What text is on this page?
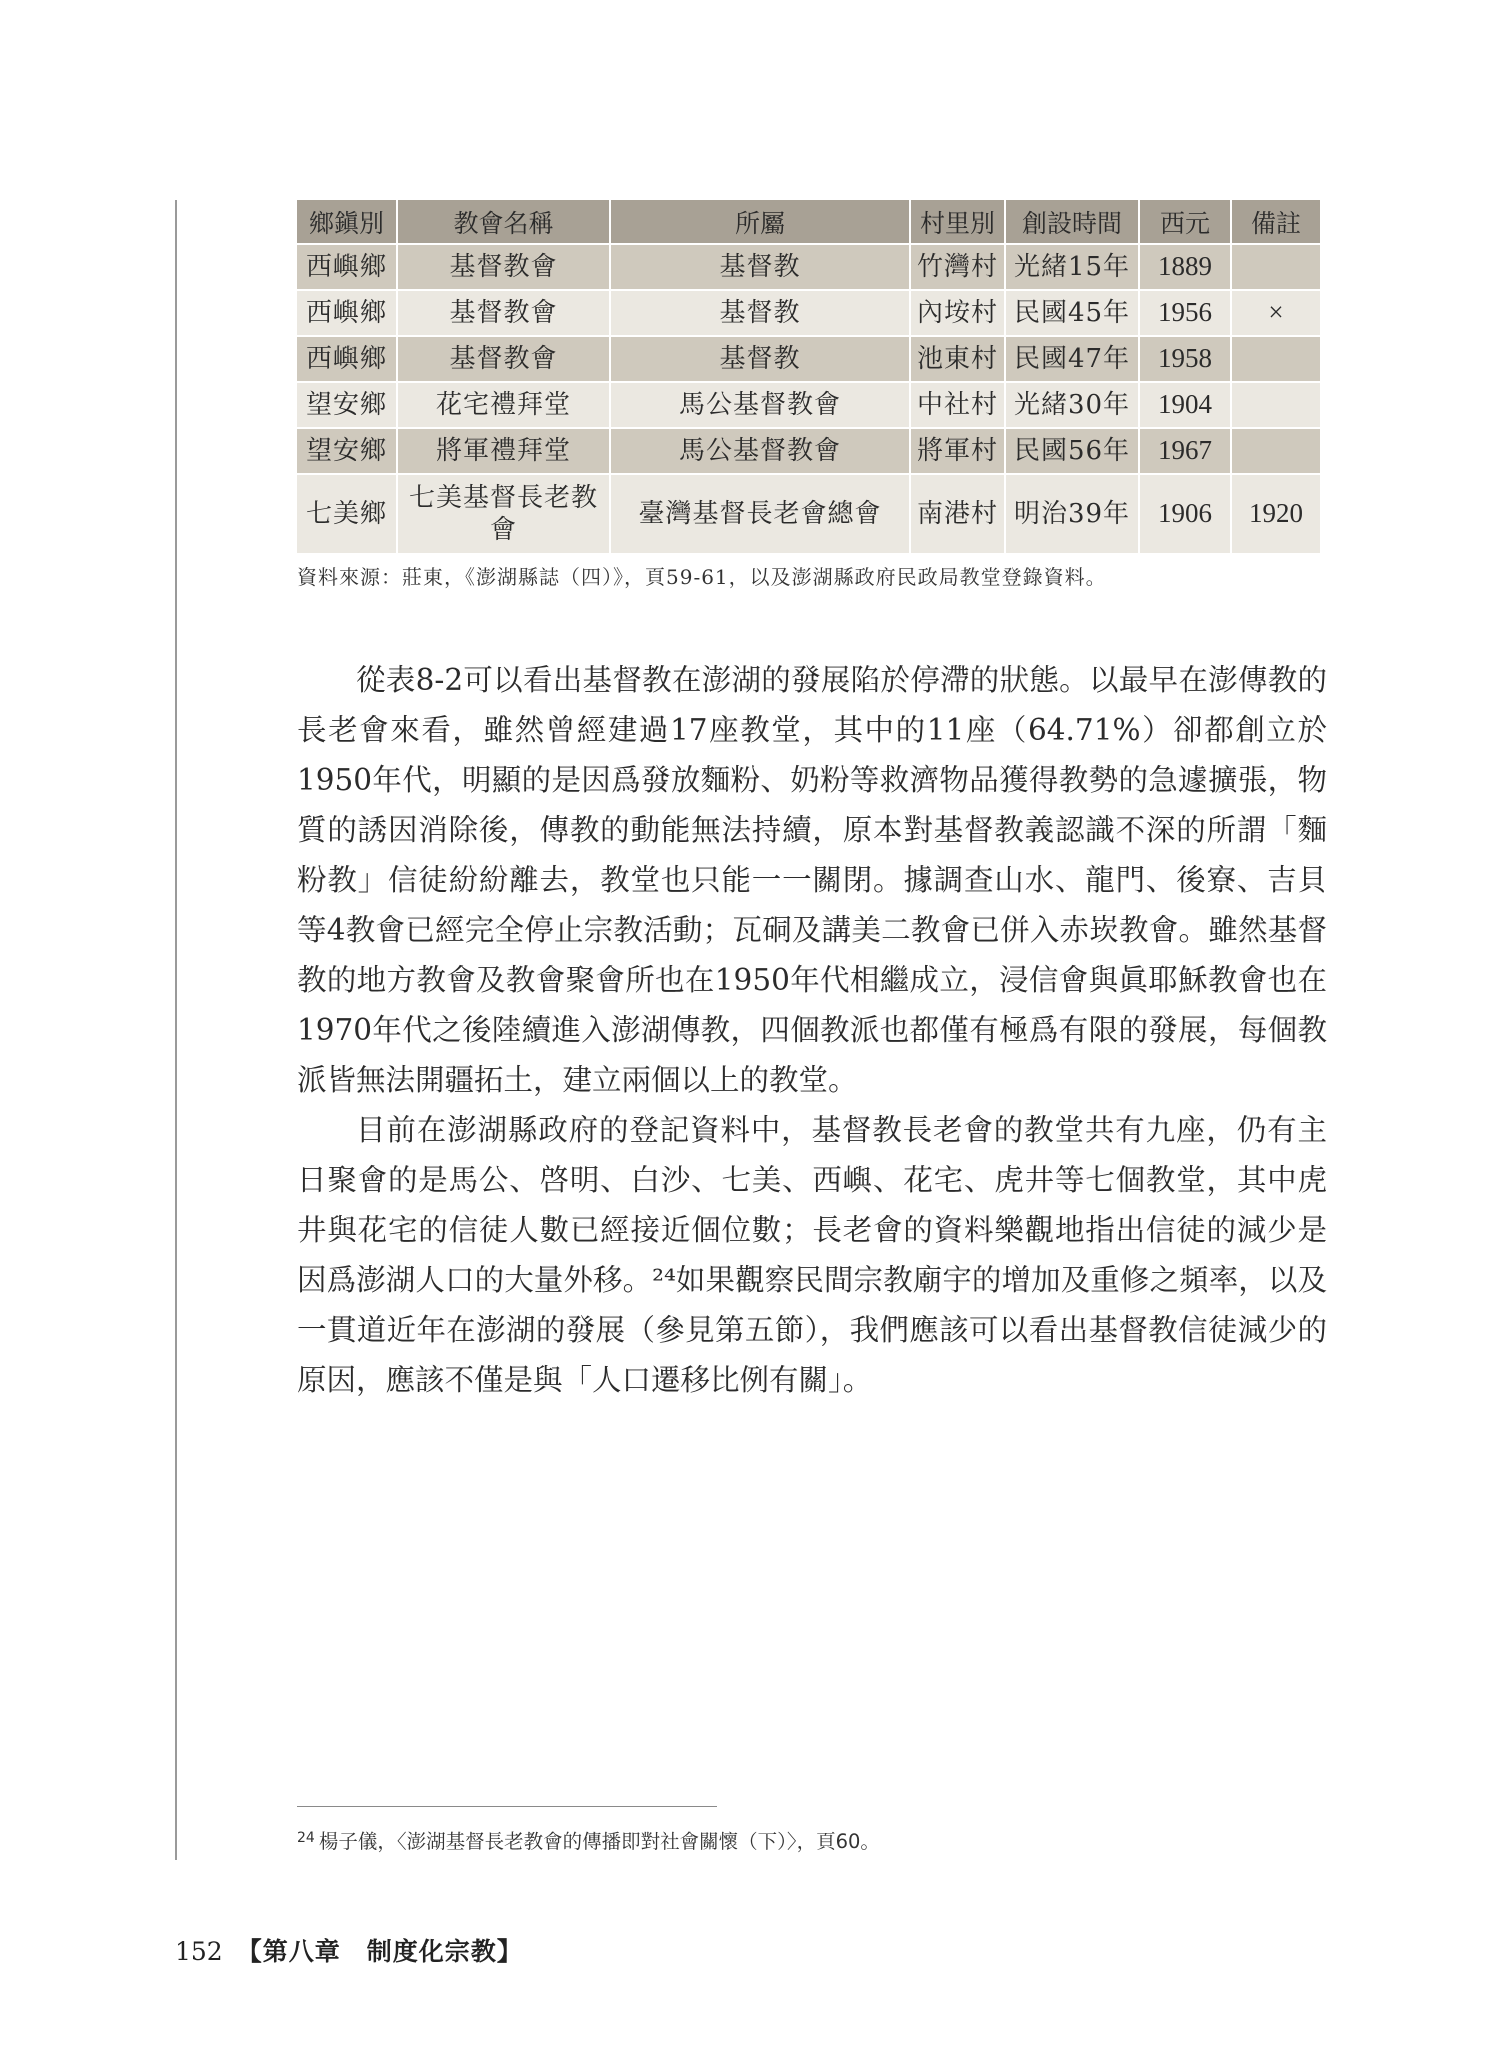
鄉鎭別	教會名稱	所屬	村里別	創設時間	西元	備註
西嶼鄉	基督教會	基督教	竹灣村	光緒15年	1889	
西嶼鄉	基督教會	基督教	內垵村	民國45年	1956	×
西嶼鄉	基督教會	基督教	池東村	民國47年	1958	
望安鄉	花宅禮拜堂	馬公基督教會	中社村	光緒30年	1904	
望安鄉	將軍禮拜堂	馬公基督教會	將軍村	民國56年	1967	
七美鄉	七美基督長老教會	臺灣基督長老會總會	南港村	明治39年	1906	1920
資料來源：莊東，《澎湖縣誌（四）》，頁59-61，以及澎湖縣政府民政局教堂登錄資料。

從表8-2可以看出基督教在澎湖的發展陷於停滯的狀態。以最早在澎傳教的長老會來看，雖然曾經建過17座教堂，其中的11座（64.71%）卻都創立於1950年代，明顯的是因爲發放麵粉、奶粉等救濟物品獲得教勢的急遽擴張，物質的誘因消除後，傳教的動能無法持續，原本對基督教義認識不深的所謂「麵粉教」信徒紛紛離去，教堂也只能一一關閉。據調查山水、龍門、後寮、吉貝等4教會已經完全停止宗教活動；瓦硐及講美二教會已併入赤崁教會。雖然基督教的地方教會及教會聚會所也在1950年代相繼成立，浸信會與眞耶穌教會也在1970年代之後陸續進入澎湖傳教，四個教派也都僅有極爲有限的發展，每個教派皆無法開疆拓土，建立兩個以上的教堂。

目前在澎湖縣政府的登記資料中，基督教長老會的教堂共有九座，仍有主日聚會的是馬公、啓明、白沙、七美、西嶼、花宅、虎井等七個教堂，其中虎井與花宅的信徒人數已經接近個位數；長老會的資料樂觀地指出信徒的減少是因爲澎湖人口的大量外移。²⁴如果觀察民間宗教廟宇的增加及重修之頻率，以及一貫道近年在澎湖的發展（參見第五節），我們應該可以看出基督教信徒減少的原因，應該不僅是與「人口遷移比例有關」。

$^{24}$ 楊子儀，〈澎湖基督長老教會的傳播即對社會關懷（下）〉，頁60。
152 【第八章　制度化宗教】
